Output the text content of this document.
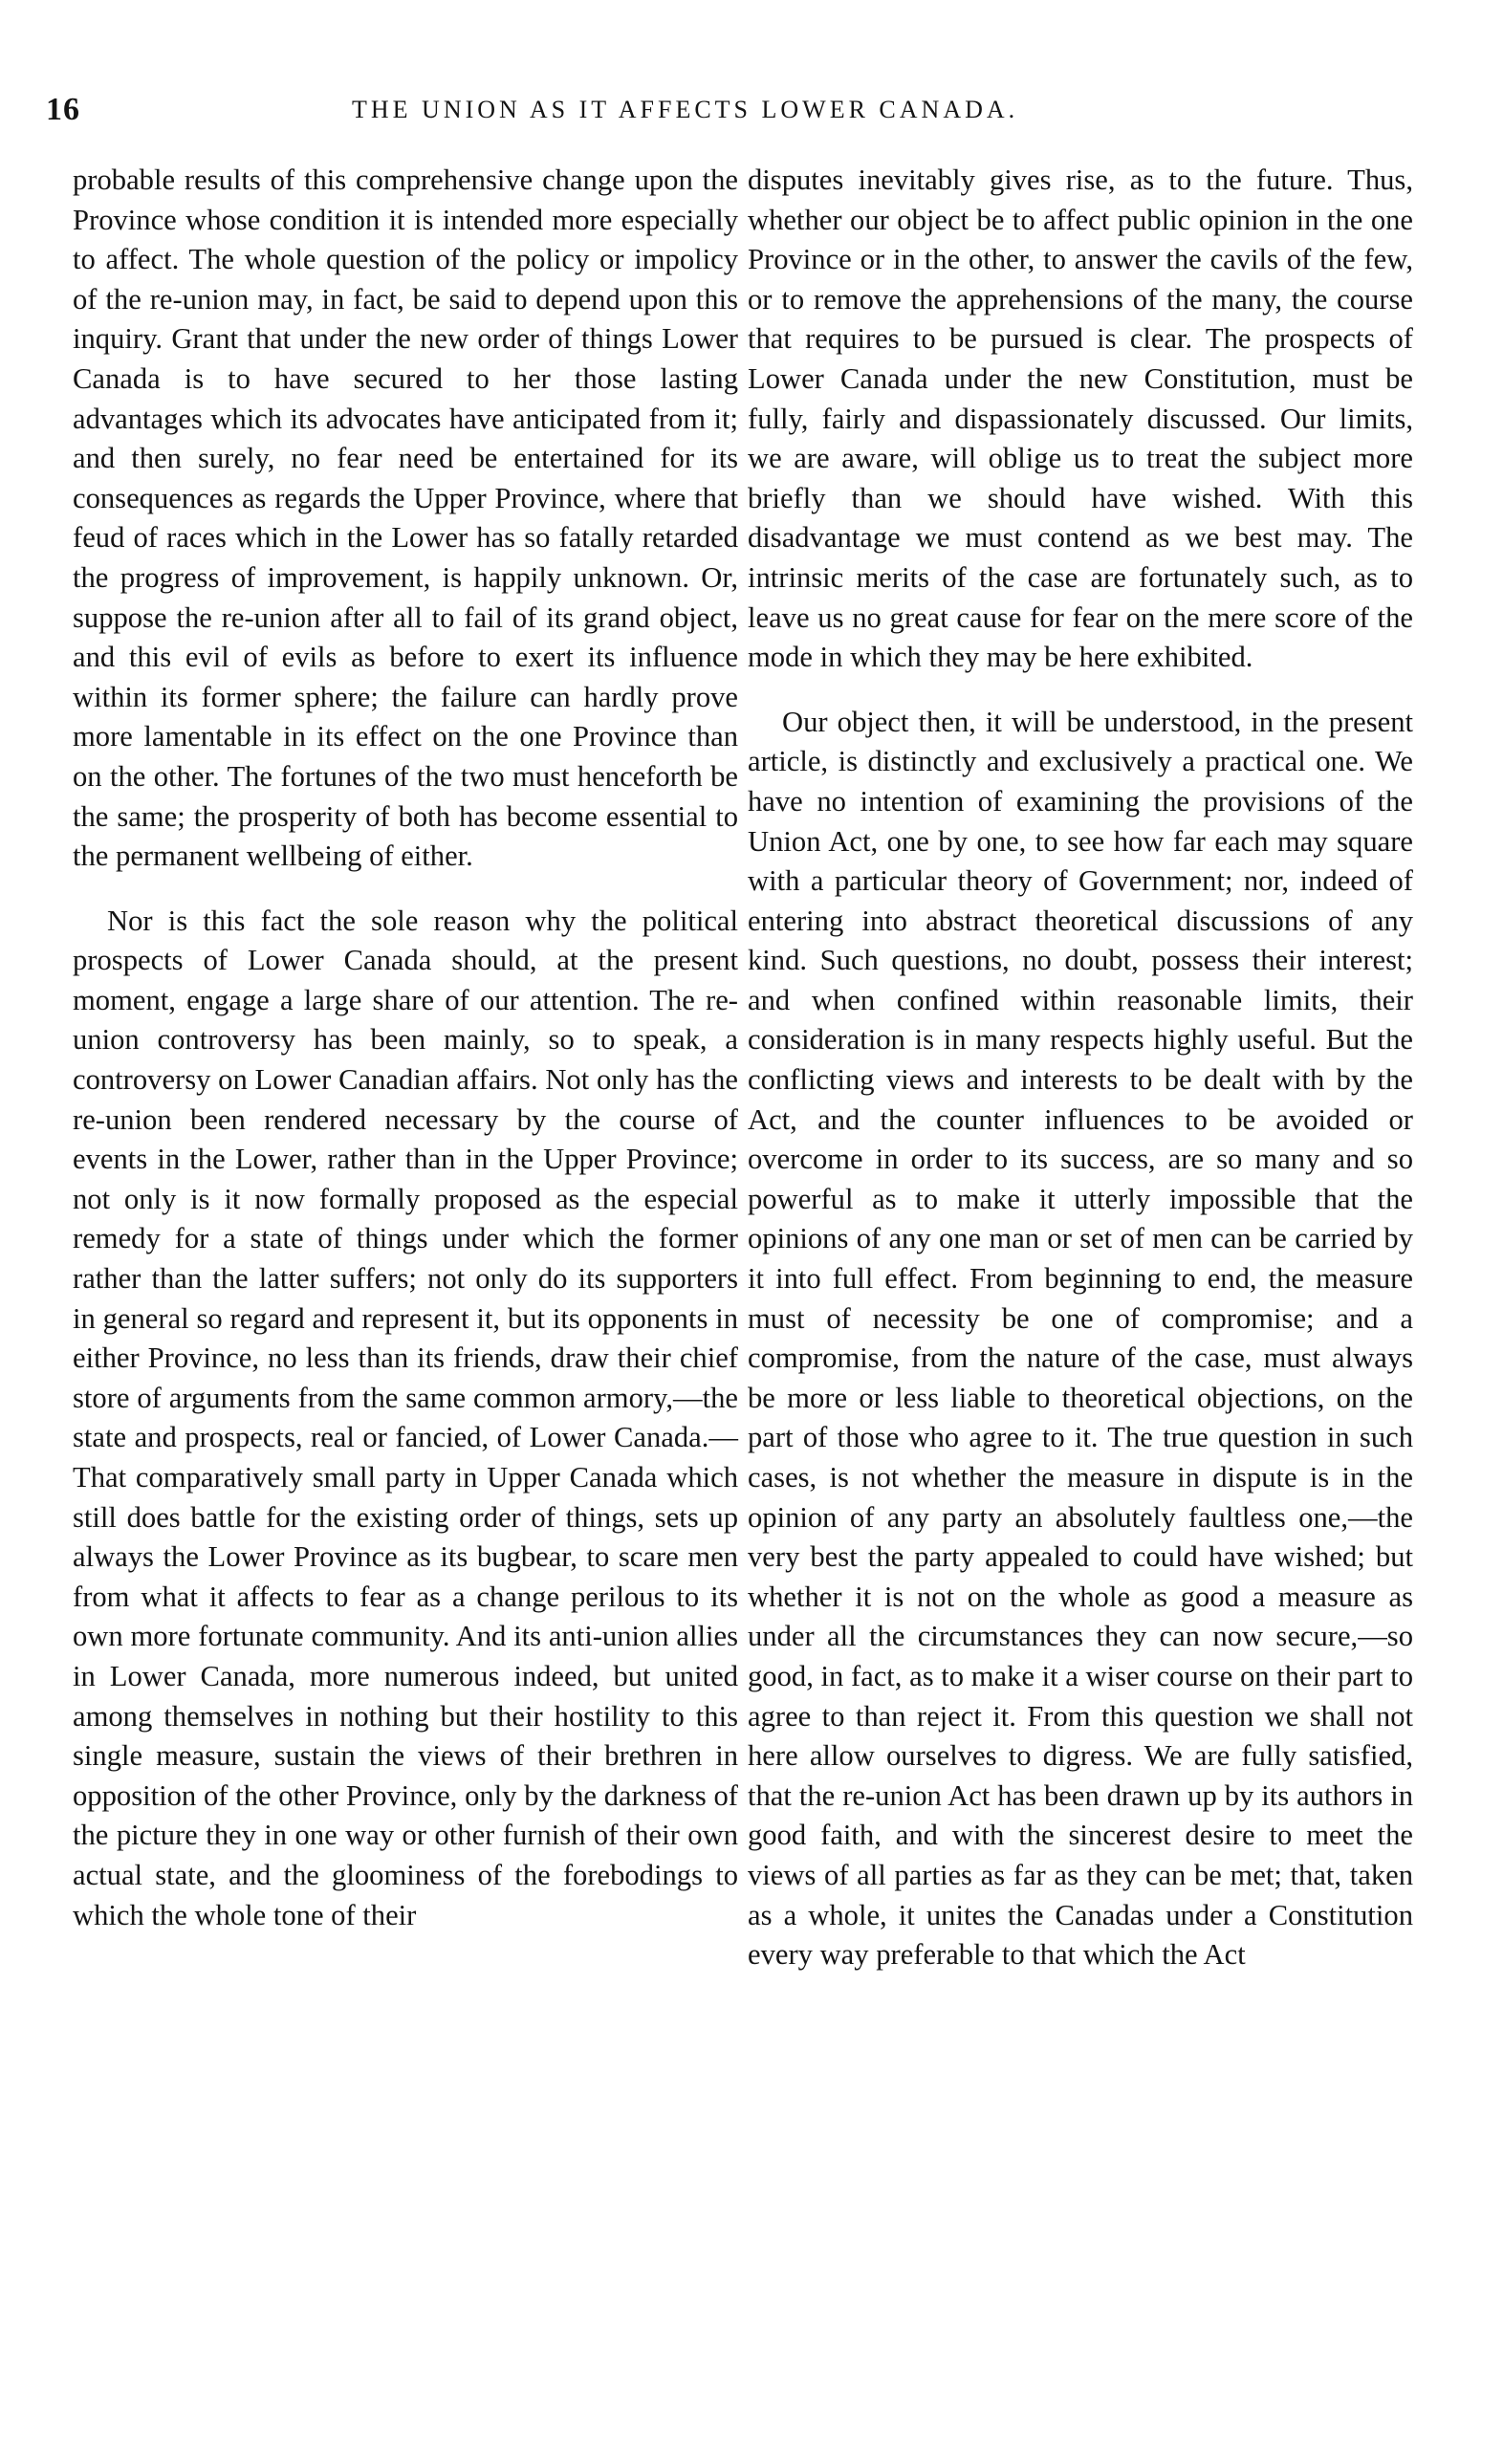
16	THE UNION AS IT AFFECTS LOWER CANADA.

probable results of this comprehensive change upon the Province whose condition it is intended more especially to affect. The whole question of the policy or impolicy of the re-union may, in fact, be said to depend upon this inquiry. Grant that under the new order of things Lower Canada is to have secured to her those lasting advantages which its advocates have anticipated from it; and then surely, no fear need be entertained for its consequences as regards the Upper Province, where that feud of races which in the Lower has so fatally retarded the progress of improvement, is happily unknown. Or, suppose the re-union after all to fail of its grand object, and this evil of evils as before to exert its influence within its former sphere; the failure can hardly prove more lamentable in its effect on the one Province than on the other. The fortunes of the two must henceforth be the same; the prosperity of both has become essential to the permanent wellbeing of either.

Nor is this fact the sole reason why the political prospects of Lower Canada should, at the present moment, engage a large share of our attention. The re-union controversy has been mainly, so to speak, a controversy on Lower Canadian affairs. Not only has the re-union been rendered necessary by the course of events in the Lower, rather than in the Upper Province; not only is it now formally proposed as the especial remedy for a state of things under which the former rather than the latter suffers; not only do its supporters in general so regard and represent it, but its opponents in either Province, no less than its friends, draw their chief store of arguments from the same common armory,—the state and prospects, real or fancied, of Lower Canada.— That comparatively small party in Upper Canada which still does battle for the existing order of things, sets up always the Lower Province as its bugbear, to scare men from what it affects to fear as a change perilous to its own more fortunate community. And its anti-union allies in Lower Canada, more numerous indeed, but united among themselves in nothing but their hostility to this single measure, sustain the views of their brethren in opposition of the other Province, only by the darkness of the picture they in one way or other furnish of their own actual state, and the gloominess of the forebodings to which the whole tone of their

disputes inevitably gives rise, as to the future. Thus, whether our object be to affect public opinion in the one Province or in the other, to answer the cavils of the few, or to remove the apprehensions of the many, the course that requires to be pursued is clear. The prospects of Lower Canada under the new Constitution, must be fully, fairly and dispassionately discussed. Our limits, we are aware, will oblige us to treat the subject more briefly than we should have wished. With this disadvantage we must contend as we best may. The intrinsic merits of the case are fortunately such, as to leave us no great cause for fear on the mere score of the mode in which they may be here exhibited.

Our object then, it will be understood, in the present article, is distinctly and exclusively a practical one. We have no intention of examining the provisions of the Union Act, one by one, to see how far each may square with a particular theory of Government; nor, indeed of entering into abstract theoretical discussions of any kind. Such questions, no doubt, possess their interest; and when confined within reasonable limits, their consideration is in many respects highly useful. But the conflicting views and interests to be dealt with by the Act, and the counter influences to be avoided or overcome in order to its success, are so many and so powerful as to make it utterly impossible that the opinions of any one man or set of men can be carried by it into full effect. From beginning to end, the measure must of necessity be one of compromise; and a compromise, from the nature of the case, must always be more or less liable to theoretical objections, on the part of those who agree to it. The true question in such cases, is not whether the measure in dispute is in the opinion of any party an absolutely faultless one,—the very best the party appealed to could have wished; but whether it is not on the whole as good a measure as under all the circumstances they can now secure,—so good, in fact, as to make it a wiser course on their part to agree to than reject it. From this question we shall not here allow ourselves to digress. We are fully satisfied, that the re-union Act has been drawn up by its authors in good faith, and with the sincerest desire to meet the views of all parties as far as they can be met; that, taken as a whole, it unites the Canadas under a Constitution every way preferable to that which the Act
